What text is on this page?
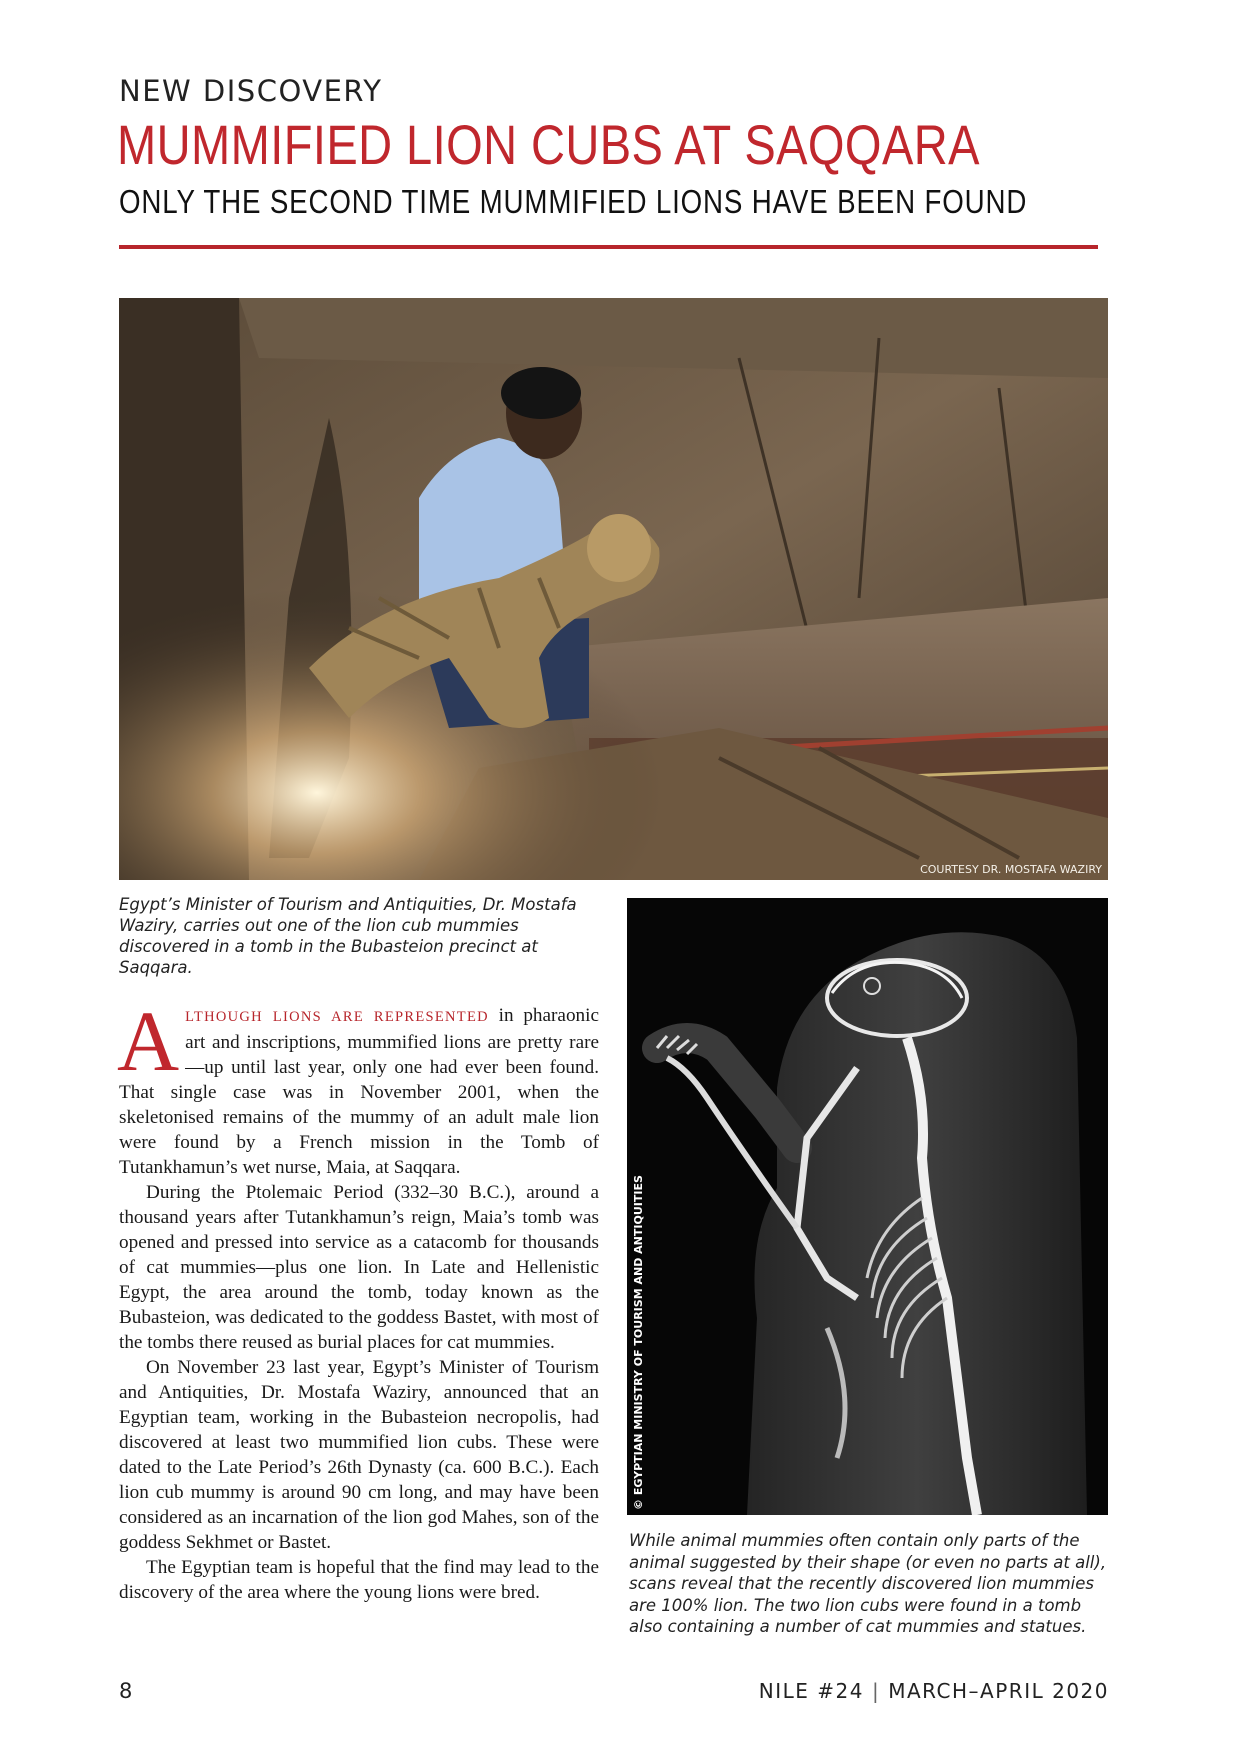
NEW DISCOVERY
MUMMIFIED LION CUBS AT SAQQARA
ONLY THE SECOND TIME MUMMIFIED LIONS HAVE BEEN FOUND
COURTESY DR. MOSTAFA WAZIRY

Egypt’s Minister of Tourism and Antiquities, Dr. Mostafa Waziry, carries out one of the lion cub mummies discovered in a tomb in the Bubasteion precinct at Saqqara.

© EGYPTIAN MINISTRY OF TOURISM AND ANTIQUITIES

While animal mummies often contain only parts of the animal suggested by their shape (or even no parts at all), scans reveal that the recently discovered lion mummies are 100% lion. The two lion cubs were found in a tomb also containing a number of cat mummies and statues.

ALTHOUGH LIONS ARE REPRESENTED in pharaonic art and inscriptions, mummified lions are pretty rare—up until last year, only one had ever been found. That single case was in November 2001, when the skeletonised remains of the mummy of an adult male lion were found by a French mission in the Tomb of Tutankhamun’s wet nurse, Maia, at Saqqara.

During the Ptolemaic Period (332–30 B.C.), around a thousand years after Tutankhamun’s reign, Maia’s tomb was opened and pressed into service as a catacomb for thousands of cat mummies—plus one lion. In Late and Hellenistic Egypt, the area around the tomb, today known as the Bubasteion, was dedicated to the goddess Bastet, with most of the tombs there reused as burial places for cat mummies.

On November 23 last year, Egypt’s Minister of Tourism and Antiquities, Dr. Mostafa Waziry, announced that an Egyptian team, working in the Bubasteion necropolis, had discovered at least two mummified lion cubs. These were dated to the Late Period’s 26th Dynasty (ca. 600 B.C.). Each lion cub mummy is around 90 cm long, and may have been considered as an incarnation of the lion god Mahes, son of the goddess Sekhmet or Bastet.

The Egyptian team is hopeful that the find may lead to the discovery of the area where the young lions were bred.

8	NILE #24 | MARCH–APRIL 2020
